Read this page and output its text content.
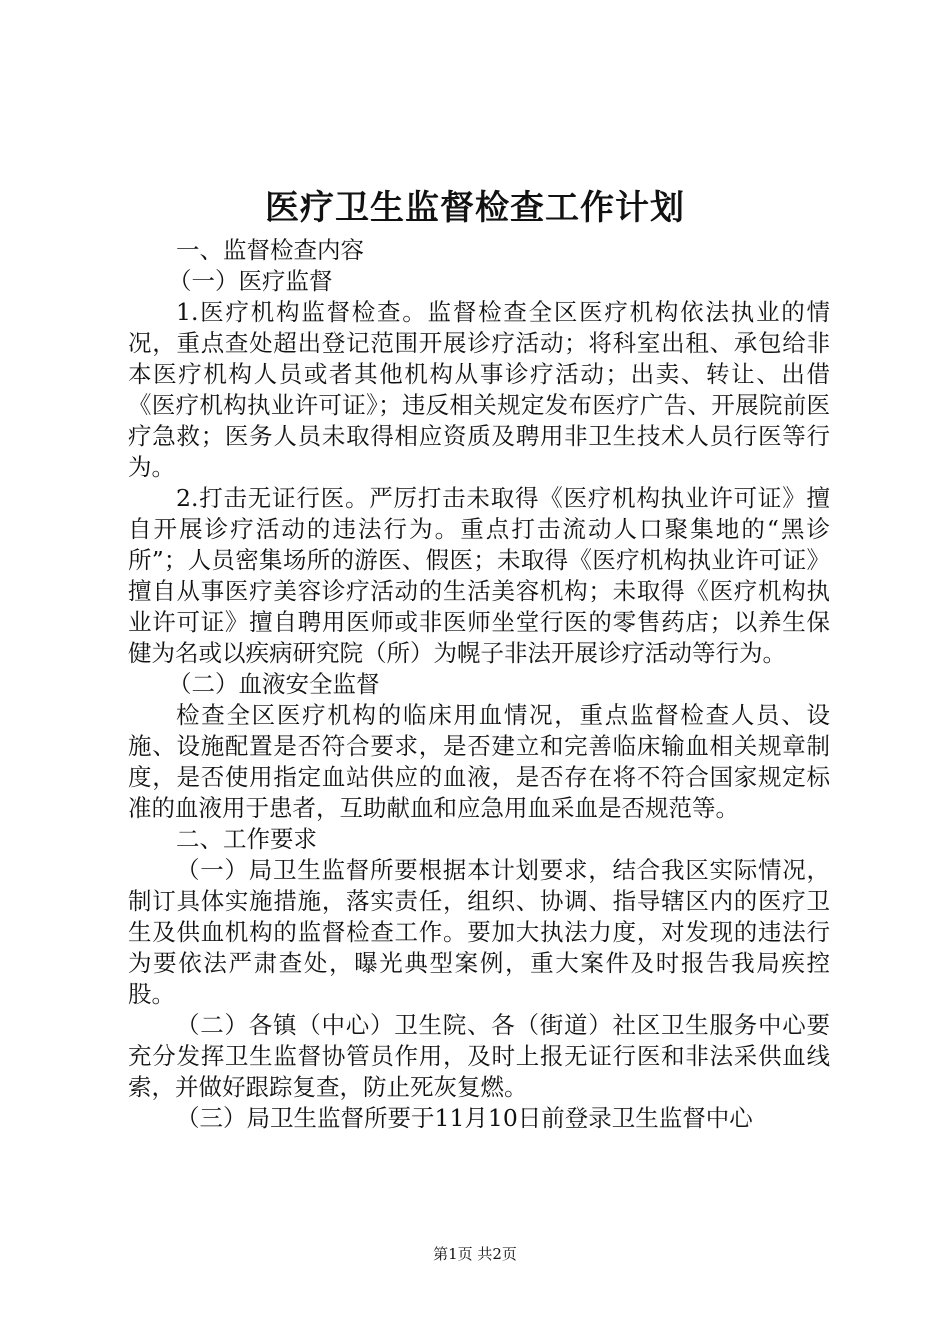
医疗卫生监督检查工作计划

一、监督检查内容

（一）医疗监督

1.医疗机构监督检查。监督检查全区医疗机构依法执业的情况，重点查处超出登记范围开展诊疗活动；将科室出租、承包给非本医疗机构人员或者其他机构从事诊疗活动；出卖、转让、出借《医疗机构执业许可证》；违反相关规定发布医疗广告、开展院前医疗急救；医务人员未取得相应资质及聘用非卫生技术人员行医等行为。

2.打击无证行医。严厉打击未取得《医疗机构执业许可证》擅自开展诊疗活动的违法行为。重点打击流动人口聚集地的“黑诊所”；人员密集场所的游医、假医；未取得《医疗机构执业许可证》擅自从事医疗美容诊疗活动的生活美容机构；未取得《医疗机构执业许可证》擅自聘用医师或非医师坐堂行医的零售药店；以养生保健为名或以疾病研究院（所）为幌子非法开展诊疗活动等行为。

（二）血液安全监督

检查全区医疗机构的临床用血情况，重点监督检查人员、设施、设施配置是否符合要求，是否建立和完善临床输血相关规章制度，是否使用指定血站供应的血液，是否存在将不符合国家规定标准的血液用于患者，互助献血和应急用血采血是否规范等。

二、工作要求

（一）局卫生监督所要根据本计划要求，结合我区实际情况，制订具体实施措施，落实责任，组织、协调、指导辖区内的医疗卫生及供血机构的监督检查工作。要加大执法力度，对发现的违法行为要依法严肃查处，曝光典型案例，重大案件及时报告我局疾控股。

（二）各镇（中心）卫生院、各（街道）社区卫生服务中心要充分发挥卫生监督协管员作用，及时上报无证行医和非法采供血线索，并做好跟踪复查，防止死灰复燃。

（三）局卫生监督所要于11月10日前登录卫生监督中心

第1页 共2页
